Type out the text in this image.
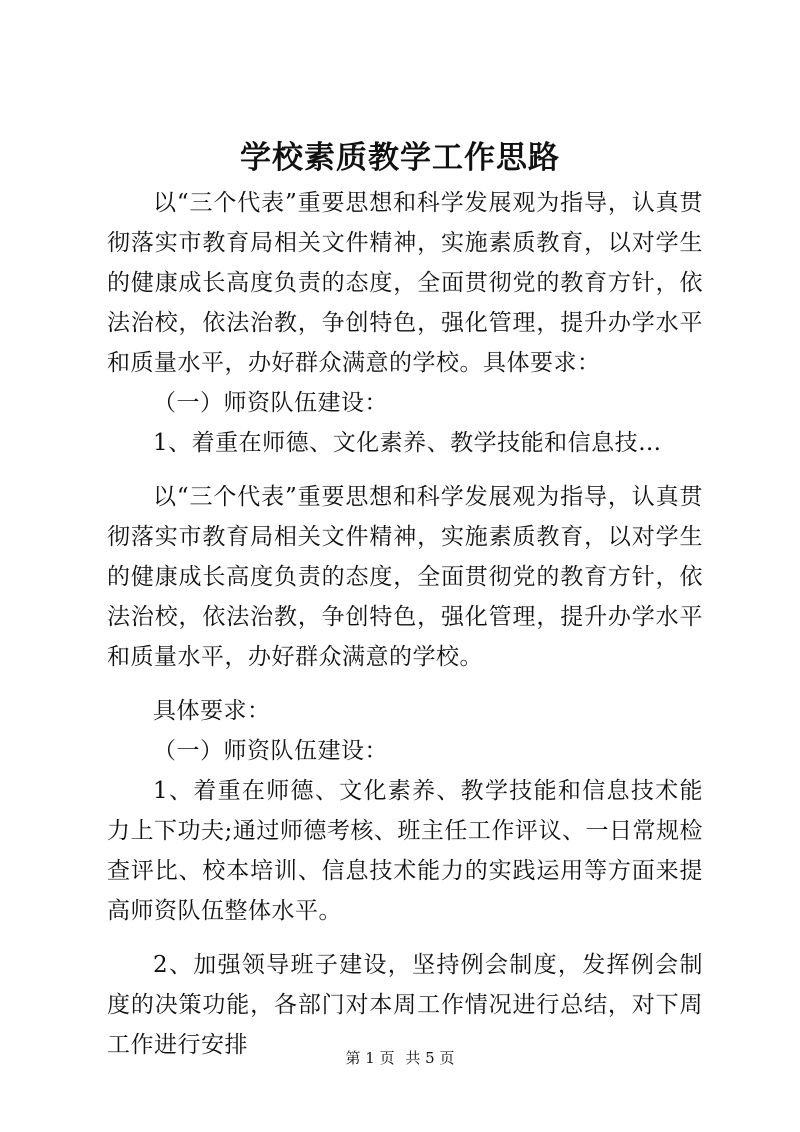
学校素质教学工作思路

以“三个代表”重要思想和科学发展观为指导，认真贯彻落实市教育局相关文件精神，实施素质教育，以对学生的健康成长高度负责的态度，全面贯彻党的教育方针，依法治校，依法治教，争创特色，强化管理，提升办学水平和质量水平，办好群众满意的学校。具体要求：

（一）师资队伍建设：

1、着重在师德、文化素养、教学技能和信息技…

以“三个代表”重要思想和科学发展观为指导，认真贯彻落实市教育局相关文件精神，实施素质教育，以对学生的健康成长高度负责的态度，全面贯彻党的教育方针，依法治校，依法治教，争创特色，强化管理，提升办学水平和质量水平，办好群众满意的学校。

具体要求：

（一）师资队伍建设：

1、着重在师德、文化素养、教学技能和信息技术能力上下功夫;通过师德考核、班主任工作评议、一日常规检查评比、校本培训、信息技术能力的实践运用等方面来提高师资队伍整体水平。

2、加强领导班子建设，坚持例会制度，发挥例会制度的决策功能，各部门对本周工作情况进行总结，对下周工作进行安排	第 1 页 共 5 页
